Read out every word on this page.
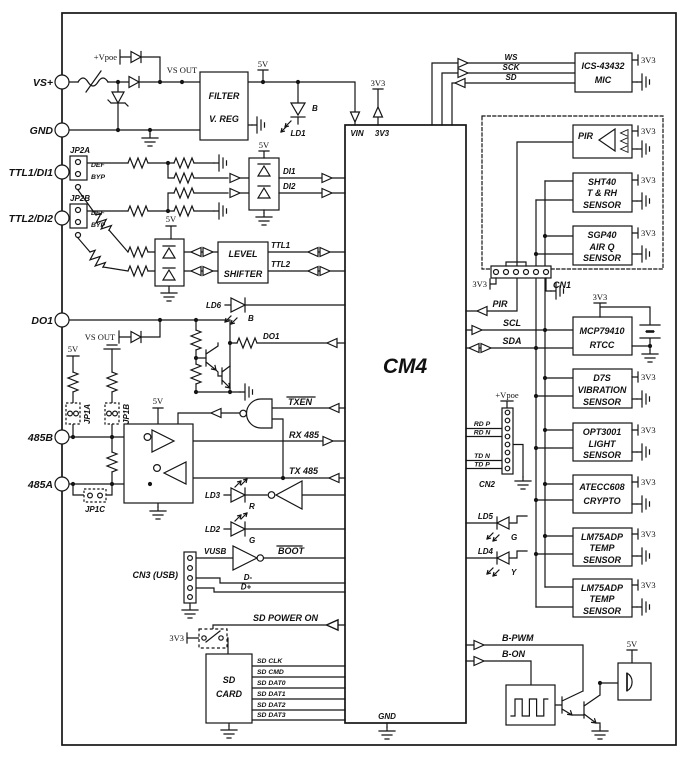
CM4
VIN 3V3
GND
FILTER
V. REG
+Vpoe
VS OUT
5V
3V3
B
LD1
JP2A
DEF
BYP
JP2B
DEF
BYP
5V
DI1
DI2
5V
LEVEL
SHIFTER
TTL1
TTL2
LD6
B
VS OUT	DO1
JP1A	JP1B
JP1C
5V
5V	TXEN
RX 485
TX 485
LD3
R
LD2
G
VUSB	BOOT
CN3 (USB)	D-
D+
SD POWER ON
3V3
SD
CARD
SD CLK
SD CMD
SD DAT0
SD DAT1
SD DAT2
SD DAT3
WS
SCK
SD
ICS-43432
MIC
3V3
PIR	3V3
PIR
SHT40
T & RH
SENSOR
3V3
SGP40
AIR Q
SENSOR
3V3
3V3	CN1
SCL
SDA
MCP79410
RTCC
3V3
D7S
VIBRATION
SENSOR
3V3
+Vpoe
RD P
RD N
TD N
TD P
CN2
OPT3001
LIGHT
SENSOR
3V3
ATECC608
CRYPTO
3V3
LD5
G
LD4
Y
LM75ADP
TEMP
SENSOR
3V3
LM75ADP
TEMP
SENSOR
3V3
B-PWM
B-ON
5V
VS+
GND
TTL1/DI1
TTL2/DI2
DO1
485B
485A
